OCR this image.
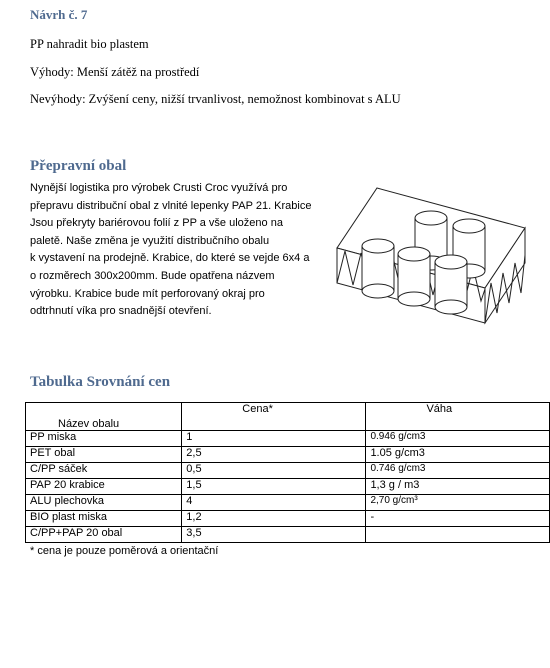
Návrh č. 7
PP nahradit bio plastem
Výhody: Menší zátěž na prostředí
Nevýhody: Zvýšení ceny, nižší trvanlivost, nemožnost kombinovat s ALU
Přepravní obal
Nynější logistika pro výrobek Crusti Croc využívá pro
přepravu distribuční obal z vlnité lepenky PAP 21. Krabice
Jsou překryty bariérovou folií z PP a vše uloženo na
paletě. Naše změna je využití distribučního obalu
k vystavení na prodejně. Krabice, do které se vejde 6x4 a
o rozměrech 300x200mm. Bude opatřena názvem
výrobku. Krabice bude mít perforovaný okraj pro
odtrhnutí víka pro snadnější otevření.
Tabulka Srovnání cen
Název obalu	Cena*	Váha
PP miska	1	0.946 g/cm3
PET obal	2,5	1.05 g/cm3
C/PP sáček	0,5	0.746 g/cm3
PAP 20 krabice	1,5	1,3 g / m3
ALU plechovka	4	2,70 g/cm³
BIO plast miska	1,2	-
C/PP+PAP 20 obal	3,5	
* cena je pouze poměrová a orientační
